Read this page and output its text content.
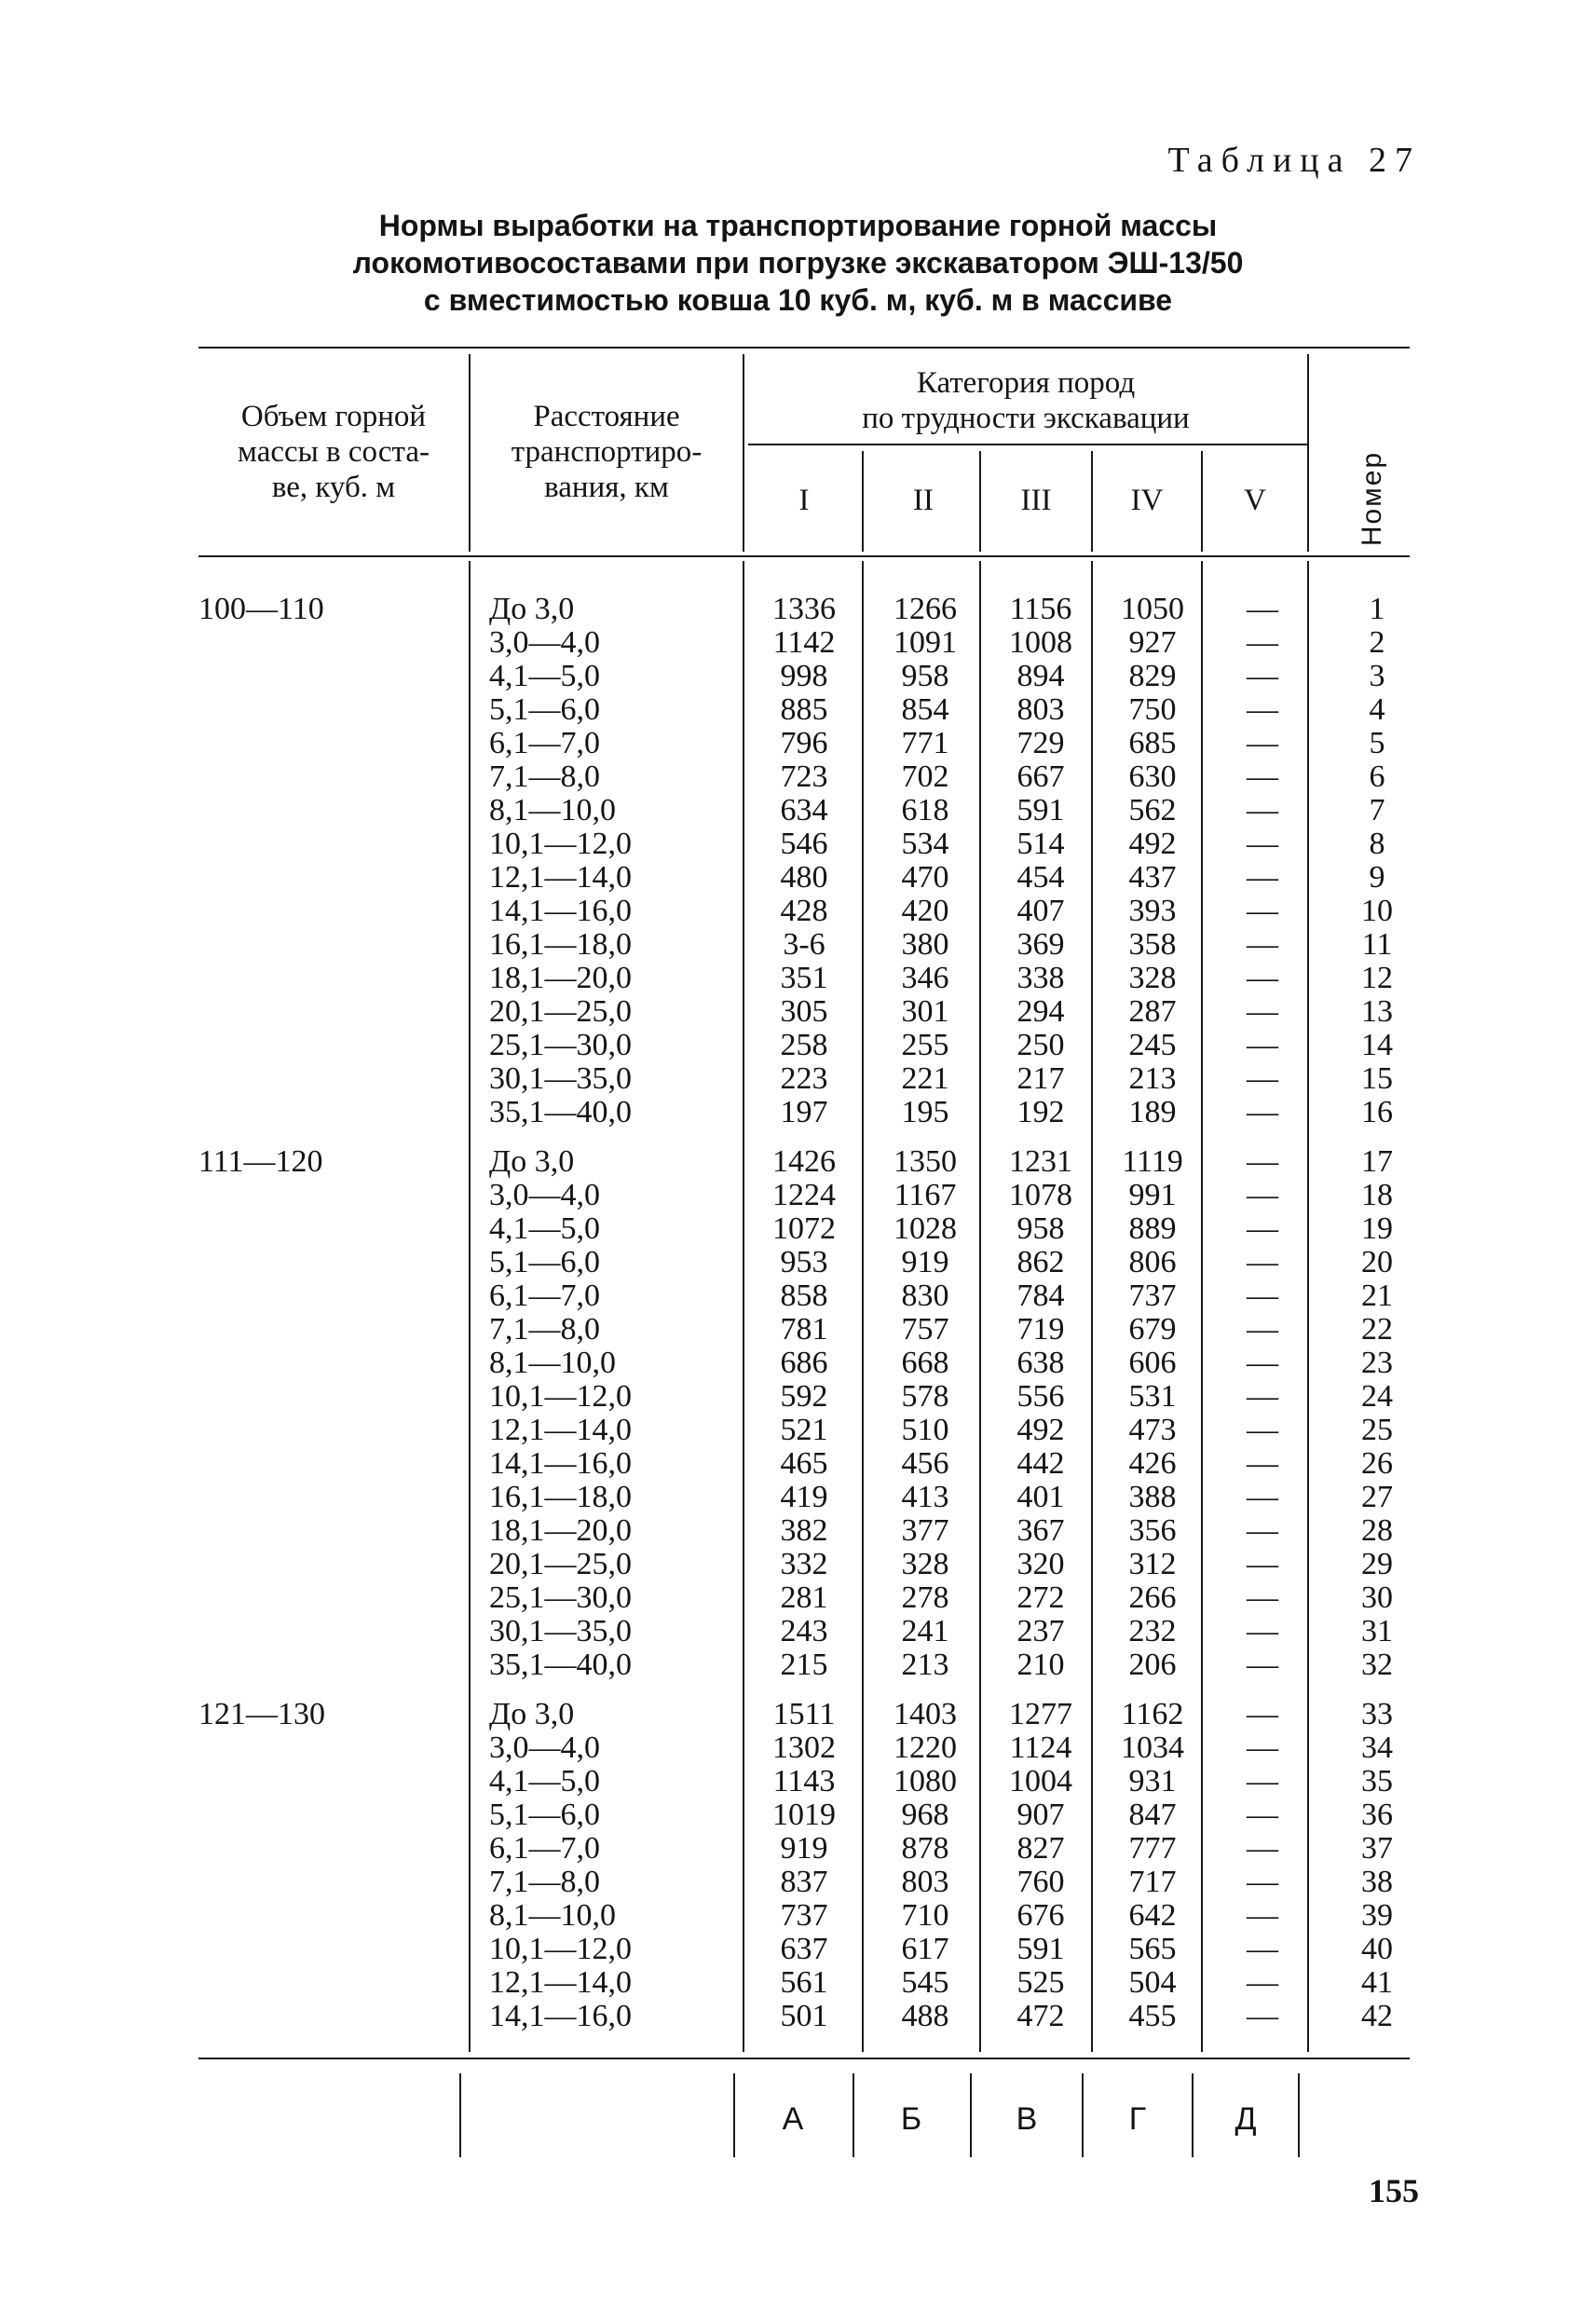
Таблица 27
Нормы выработки на транспортирование горной массы
локомотивосоставами при погрузке экскаватором ЭШ-13/50
с вместимостью ковша 10 куб. м, куб. м в массиве
Объем горной
массы в соста-
ве, куб. м
Расстояние
транспортиро-
вания, км
Категория пород
по трудности экскавации
I	II	III	IV	V	Номер
100—110	До 3,0	1336	1266	1156	1050	—	1
3,0—4,0	1142	1091	1008	927	—	2
4,1—5,0	998	958	894	829	—	3
5,1—6,0	885	854	803	750	—	4
6,1—7,0	796	771	729	685	—	5
7,1—8,0	723	702	667	630	—	6
8,1—10,0	634	618	591	562	—	7
10,1—12,0	546	534	514	492	—	8
12,1—14,0	480	470	454	437	—	9
14,1—16,0	428	420	407	393	—	10
16,1—18,0	3-6	380	369	358	—	11
18,1—20,0	351	346	338	328	—	12
20,1—25,0	305	301	294	287	—	13
25,1—30,0	258	255	250	245	—	14
30,1—35,0	223	221	217	213	—	15
35,1—40,0	197	195	192	189	—	16
111—120	До 3,0	1426	1350	1231	1119	—	17
3,0—4,0	1224	1167	1078	991	—	18
4,1—5,0	1072	1028	958	889	—	19
5,1—6,0	953	919	862	806	—	20
6,1—7,0	858	830	784	737	—	21
7,1—8,0	781	757	719	679	—	22
8,1—10,0	686	668	638	606	—	23
10,1—12,0	592	578	556	531	—	24
12,1—14,0	521	510	492	473	—	25
14,1—16,0	465	456	442	426	—	26
16,1—18,0	419	413	401	388	—	27
18,1—20,0	382	377	367	356	—	28
20,1—25,0	332	328	320	312	—	29
25,1—30,0	281	278	272	266	—	30
30,1—35,0	243	241	237	232	—	31
35,1—40,0	215	213	210	206	—	32
121—130	До 3,0	1511	1403	1277	1162	—	33
3,0—4,0	1302	1220	1124	1034	—	34
4,1—5,0	1143	1080	1004	931	—	35
5,1—6,0	1019	968	907	847	—	36
6,1—7,0	919	878	827	777	—	37
7,1—8,0	837	803	760	717	—	38
8,1—10,0	737	710	676	642	—	39
10,1—12,0	637	617	591	565	—	40
12,1—14,0	561	545	525	504	—	41
14,1—16,0	501	488	472	455	—	42
А	Б	В	Г	Д
155
